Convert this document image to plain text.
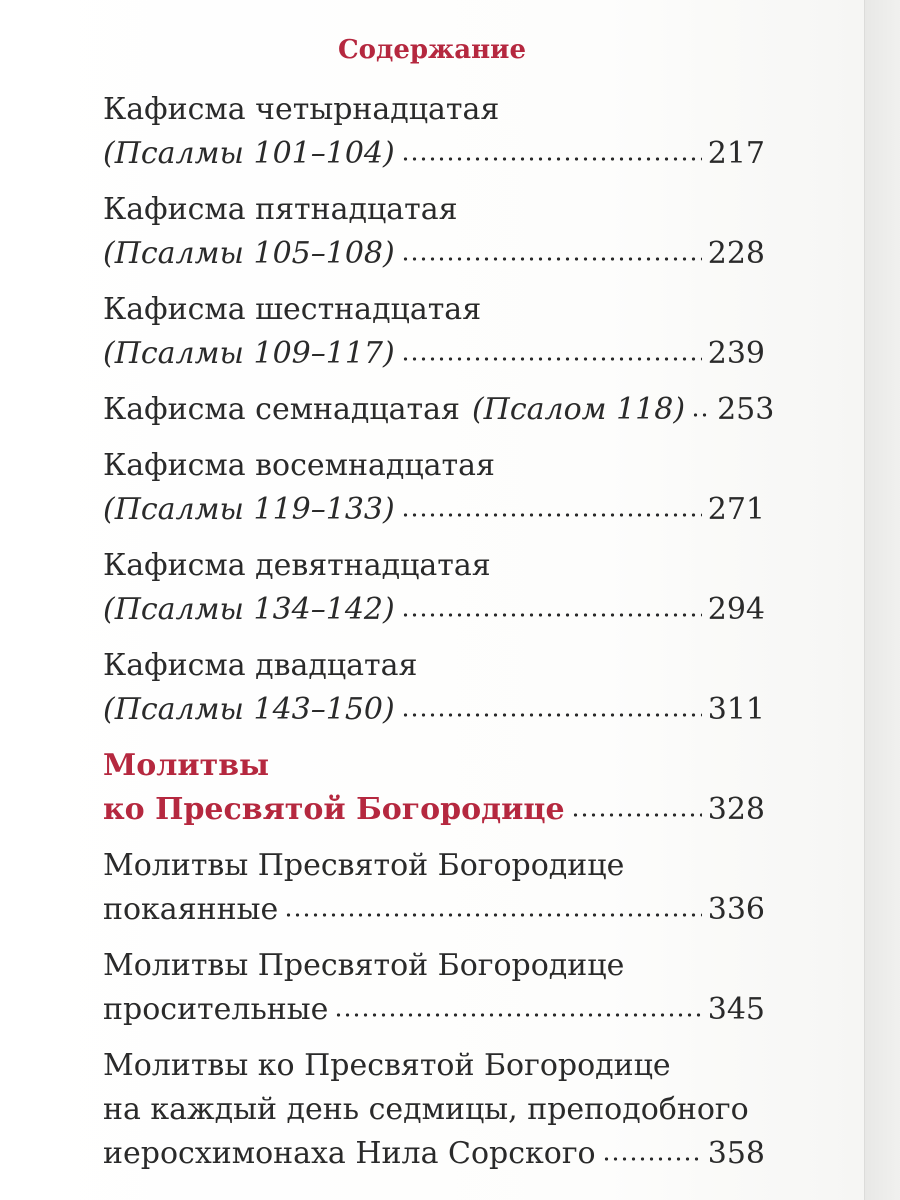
Содержание
Кафисма четырнадцатая
(Псалмы 101–104)	217
Кафисма пятнадцатая
(Псалмы 105–108)	228
Кафисма шестнадцатая
(Псалмы 109–117)	239
Кафисма семнадцатая (Псалом 118) 253
Кафисма восемнадцатая
(Псалмы 119–133)	271
Кафисма девятнадцатая
(Псалмы 134–142)	294
Кафисма двадцатая
(Псалмы 143–150)	311
Молитвы
ко Пресвятой Богородице	328
Молитвы Пресвятой Богородице
покаянные	336
Молитвы Пресвятой Богородице
просительные	345
Молитвы ко Пресвятой Богородице
на каждый день седмицы, преподобного
иеросхимонаха Нила Сорского	358
